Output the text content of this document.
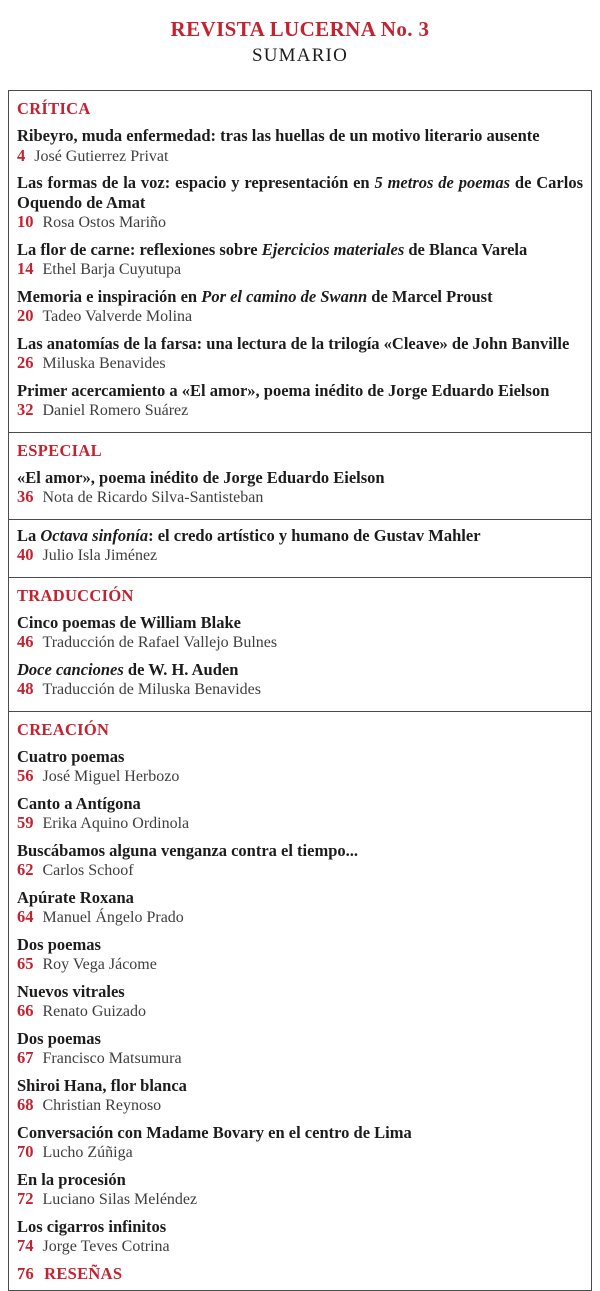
REVISTA LUCERNA No. 3
SUMARIO
CRÍTICA

Ribeyro, muda enfermedad: tras las huellas de un motivo literario ausente

4 José Gutierrez Privat

Las formas de la voz: espacio y representación en 5 metros de poemas de Carlos Oquendo de Amat

10 Rosa Ostos Mariño

La flor de carne: reflexiones sobre Ejercicios materiales de Blanca Varela

14 Ethel Barja Cuyutupa

Memoria e inspiración en Por el camino de Swann de Marcel Proust

20 Tadeo Valverde Molina

Las anatomías de la farsa: una lectura de la trilogía «Cleave» de John Banville

26 Miluska Benavides

Primer acercamiento a «El amor», poema inédito de Jorge Eduardo Eielson

32 Daniel Romero Suárez

ESPECIAL

«El amor», poema inédito de Jorge Eduardo Eielson

36 Nota de Ricardo Silva-Santisteban

La Octava sinfonía: el credo artístico y humano de Gustav Mahler

40 Julio Isla Jiménez

TRADUCCIÓN

Cinco poemas de William Blake

46 Traducción de Rafael Vallejo Bulnes

Doce canciones de W. H. Auden

48 Traducción de Miluska Benavides

CREACIÓN

Cuatro poemas

56 José Miguel Herbozo

Canto a Antígona

59 Erika Aquino Ordinola

Buscábamos alguna venganza contra el tiempo...

62 Carlos Schoof

Apúrate Roxana

64 Manuel Ángelo Prado

Dos poemas

65 Roy Vega Jácome

Nuevos vitrales

66 Renato Guizado

Dos poemas

67 Francisco Matsumura

Shiroi Hana, flor blanca

68 Christian Reynoso

Conversación con Madame Bovary en el centro de Lima

70 Lucho Zúñiga

En la procesión

72 Luciano Silas Meléndez

Los cigarros infinitos

74 Jorge Teves Cotrina

76 RESEÑAS
